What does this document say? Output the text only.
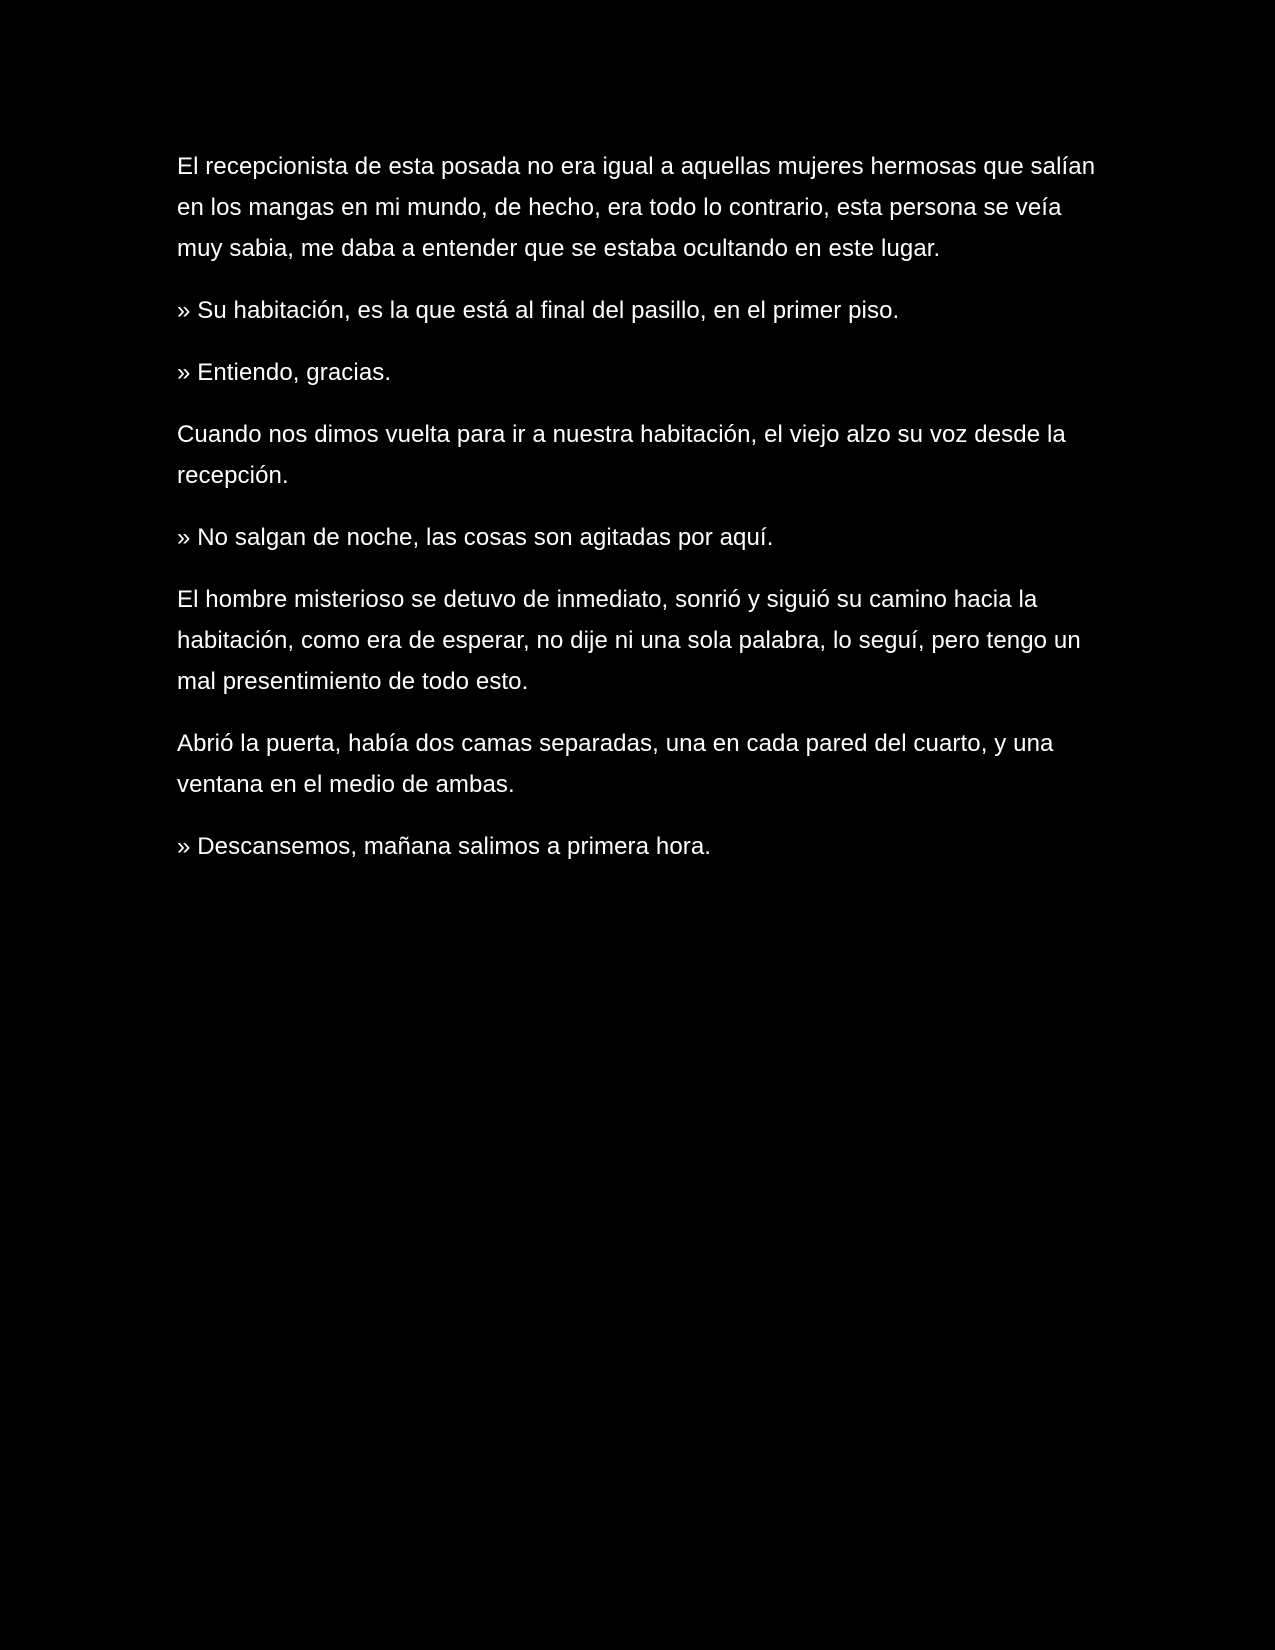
El recepcionista de esta posada no era igual a aquellas mujeres hermosas que salían en los mangas en mi mundo, de hecho, era todo lo contrario, esta persona se veía muy sabia, me daba a entender que se estaba ocultando en este lugar.

» Su habitación, es la que está al final del pasillo, en el primer piso.

» Entiendo, gracias.

Cuando nos dimos vuelta para ir a nuestra habitación, el viejo alzo su voz desde la recepción.

» No salgan de noche, las cosas son agitadas por aquí.

El hombre misterioso se detuvo de inmediato, sonrió y siguió su camino hacia la habitación, como era de esperar, no dije ni una sola palabra, lo seguí, pero tengo un mal presentimiento de todo esto.

Abrió la puerta, había dos camas separadas, una en cada pared del cuarto, y una ventana en el medio de ambas.

» Descansemos, mañana salimos a primera hora.
